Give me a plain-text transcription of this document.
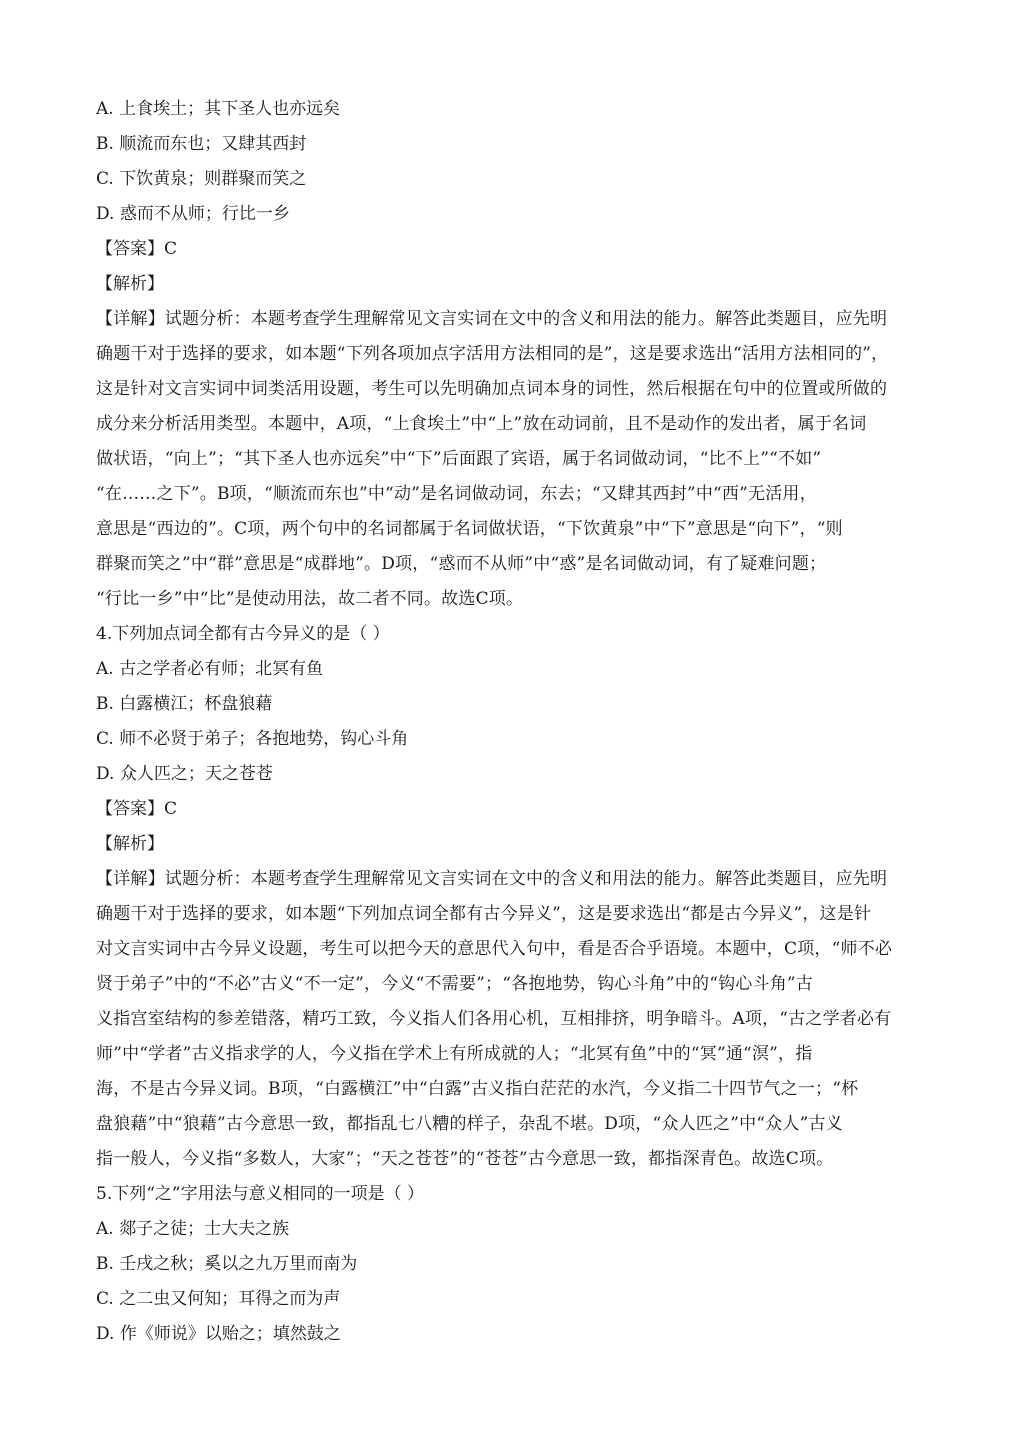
A. 上食埃土；其下圣人也亦远矣
B. 顺流而东也；又肆其西封
C. 下饮黄泉；则群聚而笑之
D. 惑而不从师；行比一乡
【答案】C
【解析】
【详解】试题分析：本题考查学生理解常见文言实词在文中的含义和用法的能力。解答此类题目，应先明
确题干对于选择的要求，如本题“下列各项加点字活用方法相同的是”，这是要求选出“活用方法相同的”，
这是针对文言实词中词类活用设题，考生可以先明确加点词本身的词性，然后根据在句中的位置或所做的
成分来分析活用类型。本题中，A项，“上食埃土”中“上”放在动词前，且不是动作的发出者，属于名词
做状语，“向上”；“其下圣人也亦远矣”中“下”后面跟了宾语，属于名词做动词，“比不上”“不如”
“在……之下”。B项，“顺流而东也”中“动”是名词做动词，东去；“又肆其西封”中“西”无活用，
意思是“西边的”。C项，两个句中的名词都属于名词做状语，“下饮黄泉”中“下”意思是“向下”，“则
群聚而笑之”中“群”意思是“成群地”。D项，“惑而不从师”中“惑”是名词做动词，有了疑难问题；
“行比一乡”中“比”是使动用法，故二者不同。故选C项。
4.下列加点词全都有古今异义的是（ ）
A. 古之学者必有师；北冥有鱼
B. 白露横江；杯盘狼藉
C. 师不必贤于弟子；各抱地势，钩心斗角
D. 众人匹之；天之苍苍
【答案】C
【解析】
【详解】试题分析：本题考查学生理解常见文言实词在文中的含义和用法的能力。解答此类题目，应先明
确题干对于选择的要求，如本题“下列加点词全都有古今异义”，这是要求选出“都是古今异义”，这是针
对文言实词中古今异义设题，考生可以把今天的意思代入句中，看是否合乎语境。本题中，C项，“师不必
贤于弟子”中的“不必”古义“不一定”，今义“不需要”；“各抱地势，钩心斗角”中的“钩心斗角”古
义指宫室结构的参差错落，精巧工致，今义指人们各用心机，互相排挤，明争暗斗。A项，“古之学者必有
师”中“学者”古义指求学的人，今义指在学术上有所成就的人；“北冥有鱼”中的“冥”通“溟”，指
海，不是古今异义词。B项，“白露横江”中“白露”古义指白茫茫的水汽，今义指二十四节气之一；“杯
盘狼藉”中“狼藉”古今意思一致，都指乱七八糟的样子，杂乱不堪。D项，“众人匹之”中“众人”古义
指一般人，今义指“多数人，大家”；“天之苍苍”的“苍苍”古今意思一致，都指深青色。故选C项。
5.下列“之”字用法与意义相同的一项是（ ）
A. 郯子之徒；士大夫之族
B. 壬戌之秋；奚以之九万里而南为
C. 之二虫又何知；耳得之而为声
D. 作《师说》以贻之；填然鼓之
